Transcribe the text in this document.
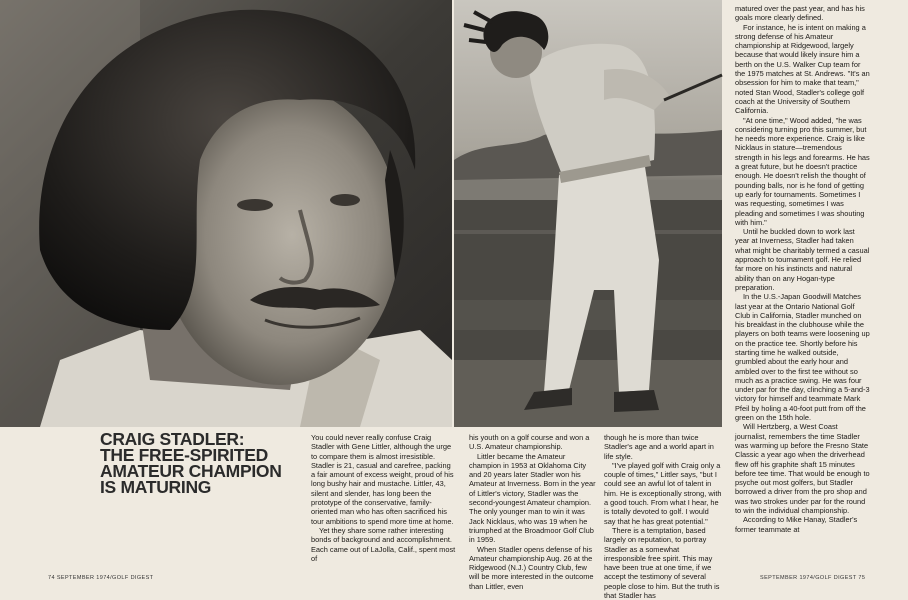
CRAIG STADLER:
THE FREE-SPIRITED
AMATEUR CHAMPION
IS MATURING

You could never really confuse Craig Stadler with Gene Littler, although the urge to compare them is almost irresistible. Stadler is 21, casual and carefree, packing a fair amount of excess weight, proud of his long bushy hair and mustache. Littler, 43, silent and slender, has long been the prototype of the conservative, family-oriented man who has often sacrificed his tour ambitions to spend more time at home.

Yet they share some rather interesting bonds of background and accomplishment. Each came out of LaJolla, Calif., spent most of

his youth on a golf course and won a U.S. Amateur championship.

Littler became the Amateur champion in 1953 at Oklahoma City and 20 years later Stadler won his Amateur at Inverness. Born in the year of Littler's victory, Stadler was the second-youngest Amateur champion. The only younger man to win it was Jack Nicklaus, who was 19 when he triumphed at the Broadmoor Golf Club in 1959.

When Stadler opens defense of his Amateur championship Aug. 26 at the Ridgewood (N.J.) Country Club, few will be more interested in the outcome than Littler, even

though he is more than twice Stadler's age and a world apart in life style.

"I've played golf with Craig only a couple of times," Littler says, "but I could see an awful lot of talent in him. He is exceptionally strong, with a good touch. From what I hear, he is totally devoted to golf. I would say that he has great potential."

There is a temptation, based largely on reputation, to portray Stadler as a somewhat irresponsible free spirit. This may have been true at one time, if we accept the testimony of several people close to him. But the truth is that Stadler has

matured over the past year, and has his goals more clearly defined.

For instance, he is intent on making a strong defense of his Amateur championship at Ridgewood, largely because that would likely insure him a berth on the U.S. Walker Cup team for the 1975 matches at St. Andrews. "It's an obsession for him to make that team," noted Stan Wood, Stadler's college golf coach at the University of Southern California.

"At one time," Wood added, "he was considering turning pro this summer, but he needs more experience. Craig is like Nicklaus in stature—tremendous strength in his legs and forearms. He has a great future, but he doesn't practice enough. He doesn't relish the thought of pounding balls, nor is he fond of getting up early for tournaments. Sometimes I was requesting, sometimes I was pleading and sometimes I was shouting with him."

Until he buckled down to work last year at Inverness, Stadler had taken what might be charitably termed a casual approach to tournament golf. He relied far more on his instincts and natural ability than on any Hogan-type preparation.

In the U.S.-Japan Goodwill Matches last year at the Ontario National Golf Club in California, Stadler munched on his breakfast in the clubhouse while the players on both teams were loosening up on the practice tee. Shortly before his starting time he walked outside, grumbled about the early hour and ambled over to the first tee without so much as a practice swing. He was four under par for the day, clinching a 5-and-3 victory for himself and teammate Mark Pfeil by holing a 40-foot putt from off the green on the 15th hole.

Will Hertzberg, a West Coast journalist, remembers the time Stadler was warming up before the Fresno State Classic a year ago when the driverhead flew off his graphite shaft 15 minutes before tee time. That would be enough to psyche out most golfers, but Stadler borrowed a driver from the pro shop and was two strokes under par for the round to win the individual championship.

According to Mike Hanay, Stadler's former teammate at

74 SEPTEMBER 1974/GOLF DIGEST	SEPTEMBER 1974/GOLF DIGEST 75
